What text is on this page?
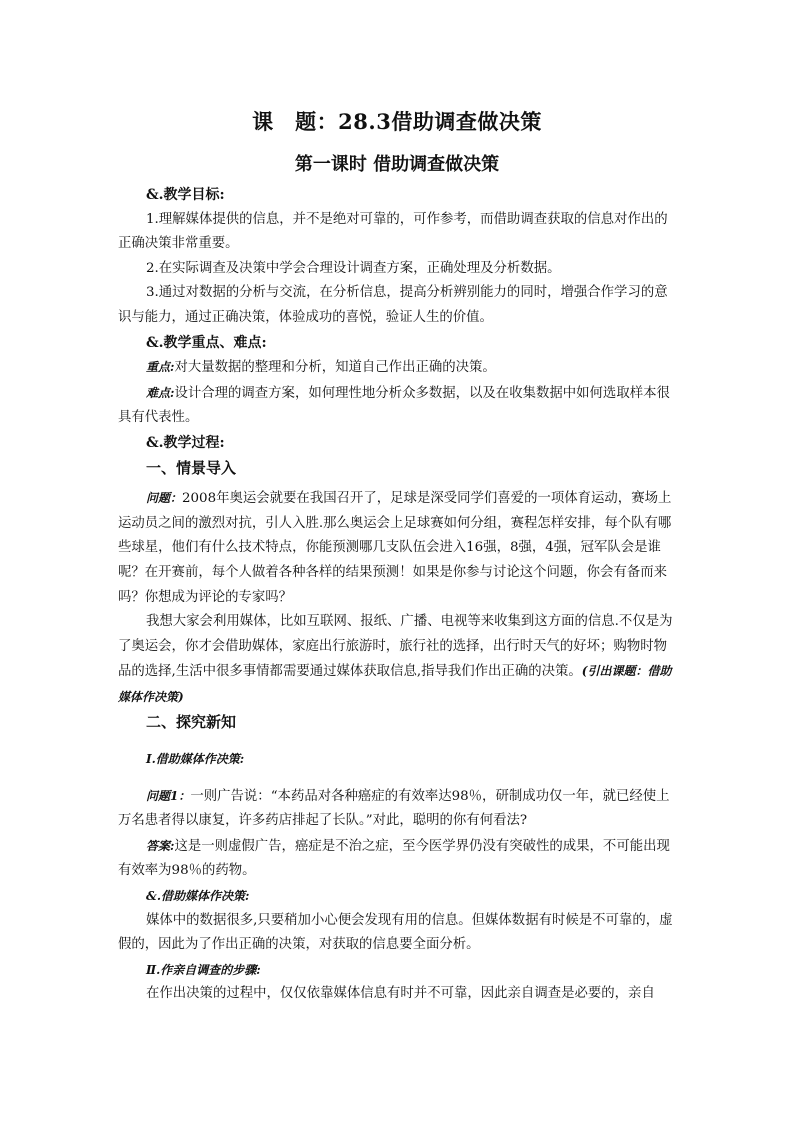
课　题：28.3借助调查做决策
第一课时 借助调查做决策

&.教学目标:

1.理解媒体提供的信息，并不是绝对可靠的，可作参考，而借助调查获取的信息对作出的正确决策非常重要。

2.在实际调查及决策中学会合理设计调查方案，正确处理及分析数据。

3.通过对数据的分析与交流，在分析信息，提高分析辨别能力的同时，增强合作学习的意识与能力，通过正确决策，体验成功的喜悦，验证人生的价值。

&.教学重点、难点:

重点:对大量数据的整理和分析，知道自己作出正确的决策。

难点:设计合理的调查方案，如何理性地分析众多数据，以及在收集数据中如何选取样本很具有代表性。

&.教学过程:

一、情景导入

问题：2008年奥运会就要在我国召开了，足球是深受同学们喜爱的一项体育运动，赛场上运动员之间的激烈对抗，引人入胜.那么奥运会上足球赛如何分组，赛程怎样安排，每个队有哪些球星，他们有什么技术特点，你能预测哪几支队伍会进入16强，8强，4强，冠军队会是谁呢？在开赛前，每个人做着各种各样的结果预测！如果是你参与讨论这个问题，你会有备而来吗？你想成为评论的专家吗？

我想大家会利用媒体，比如互联网、报纸、广播、电视等来收集到这方面的信息.不仅是为了奥运会，你才会借助媒体，家庭出行旅游时，旅行社的选择，出行时天气的好坏；购物时物品的选择,生活中很多事情都需要通过媒体获取信息,指导我们作出正确的决策。(引出课题：借助媒体作决策)

二、探究新知

Ⅰ.借助媒体作决策:

问题1：一则广告说：“本药品对各种癌症的有效率达98％，研制成功仅一年，就已经使上万名患者得以康复，许多药店排起了长队。”对此，聪明的你有何看法?

答案:这是一则虚假广告，癌症是不治之症，至今医学界仍没有突破性的成果，不可能出现有效率为98％的药物。

&.借助媒体作决策:

媒体中的数据很多,只要稍加小心便会发现有用的信息。但媒体数据有时候是不可靠的，虚假的，因此为了作出正确的决策，对获取的信息要全面分析。

Ⅱ.作亲自调查的步骤:

在作出决策的过程中，仅仅依靠媒体信息有时并不可靠，因此亲自调查是必要的，亲自
